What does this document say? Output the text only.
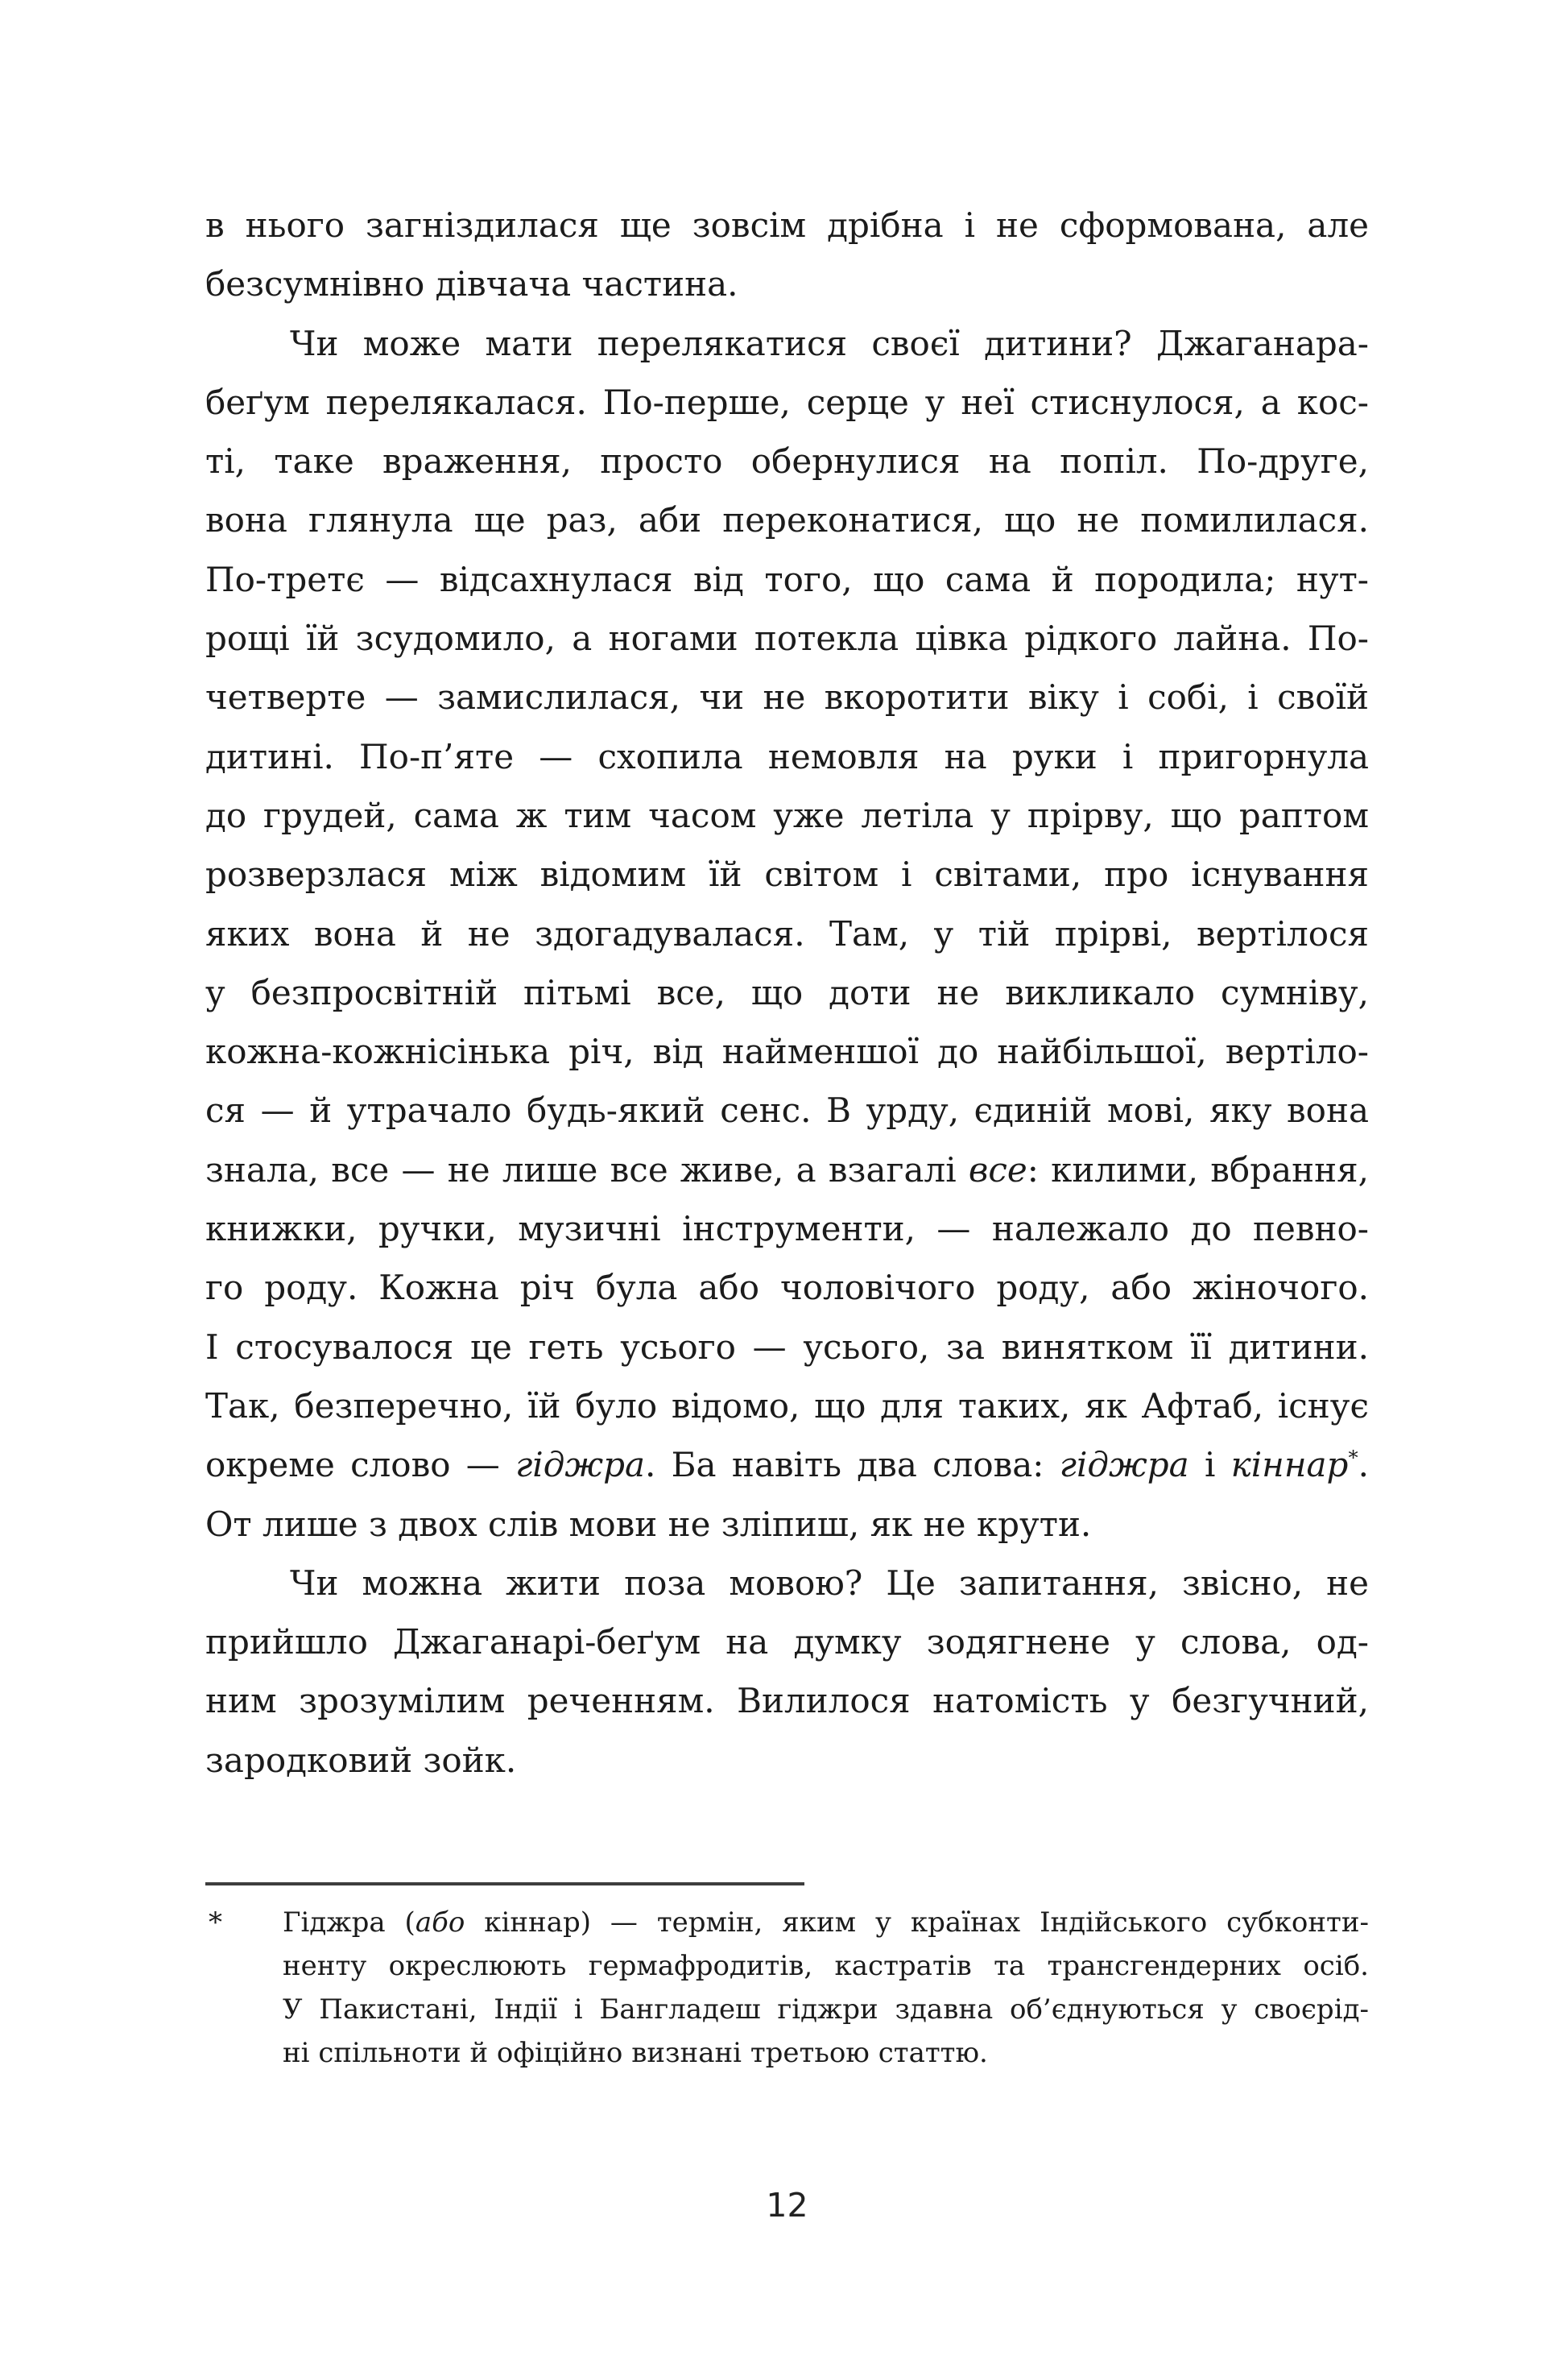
в нього загніздилася ще зовсім дрібна і не сформована, але
безсумнівно дівчача частина.
Чи може мати перелякатися своєї дитини? Джаганара-
беґум перелякалася. По-перше, серце у неї стиснулося, а кос-
ті, таке враження, просто обернулися на попіл. По-друге,
вона глянула ще раз, аби переконатися, що не помилилася.
По-третє — відсахнулася від того, що сама й породила; нут-
рощі їй зсудомило, а ногами потекла цівка рідкого лайна. По-
четверте — замислилася, чи не вкоротити віку і собі, і своїй
дитині. По-п’яте — схопила немовля на руки і пригорнула
до грудей, сама ж тим часом уже летіла у прірву, що раптом
розверзлася між відомим їй світом і світами, про існування
яких вона й не здогадувалася. Там, у тій прірві, вертілося
у безпросвітній пітьмі все, що доти не викликало сумніву,
кожна-кожнісінька річ, від найменшої до найбільшої, вертіло-
ся — й утрачало будь-який сенс. В урду, єдиній мові, яку вона
знала, все — не лише все живе, а взагалі все: килими, вбрання,
книжки, ручки, музичні інструменти, — належало до певно-
го роду. Кожна річ була або чоловічого роду, або жіночого.
І стосувалося це геть усього — усього, за винятком її дитини.
Так, безперечно, їй було відомо, що для таких, як Афтаб, існує
окреме слово — гіджра. Ба навіть два слова: гіджра і кіннар*.
От лише з двох слів мови не зліпиш, як не крути.
Чи можна жити поза мовою? Це запитання, звісно, не
прийшло Джаганарі-беґум на думку зодягнене у слова, од-
ним зрозумілим реченням. Вилилося натомість у безгучний,
зародковий зойк.
* Гіджра (або кіннар) — термін, яким у країнах Індійського субконти-
ненту окреслюють гермафродитів, кастратів та трансгендерних осіб.
У Пакистані, Індії і Бангладеш гіджри здавна об’єднуються у своєрід-
ні спільноти й офіційно визнані третьою статтю.
12
